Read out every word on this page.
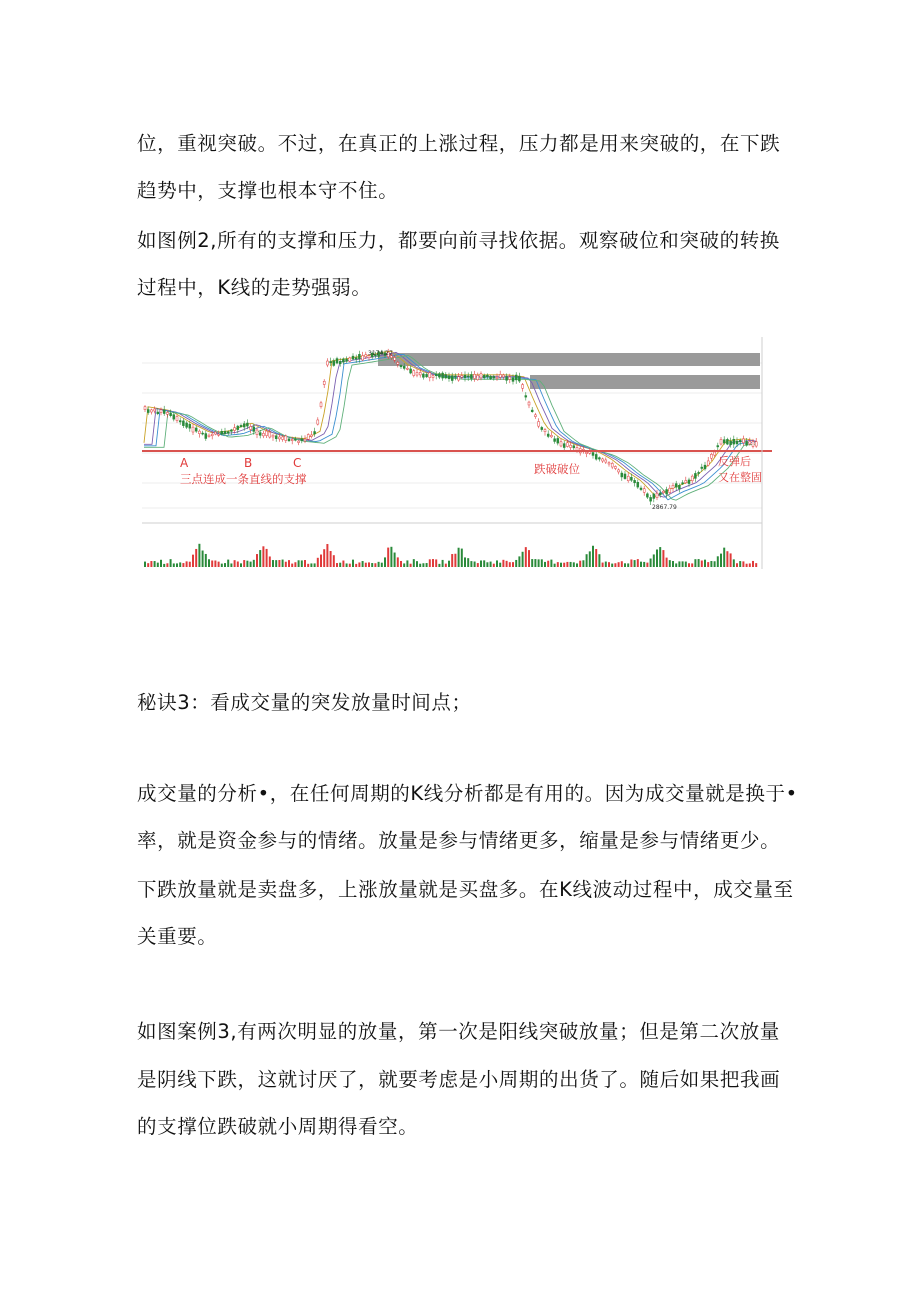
位，重视突破。不过，在真正的上涨过程，压力都是用来突破的，在下跌
趋势中，支撑也根本守不住。
如图例2,所有的支撑和压力，都要向前寻找依据。观察破位和突破的转换
过程中，K线的走势强弱。
A	B	C
三点连成一条直线的支撑
跌破破位
反弹后
又在整固
3174.27
2867.79
秘诀3：看成交量的突发放量时间点；
成交量的分析•，在任何周期的K线分析都是有用的。因为成交量就是换于•
率，就是资金参与的情绪。放量是参与情绪更多，缩量是参与情绪更少。
下跌放量就是卖盘多，上涨放量就是买盘多。在K线波动过程中，成交量至
关重要。
如图案例3,有两次明显的放量，第一次是阳线突破放量；但是第二次放量
是阴线下跌，这就讨厌了，就要考虑是小周期的出货了。随后如果把我画
的支撑位跌破就小周期得看空。
